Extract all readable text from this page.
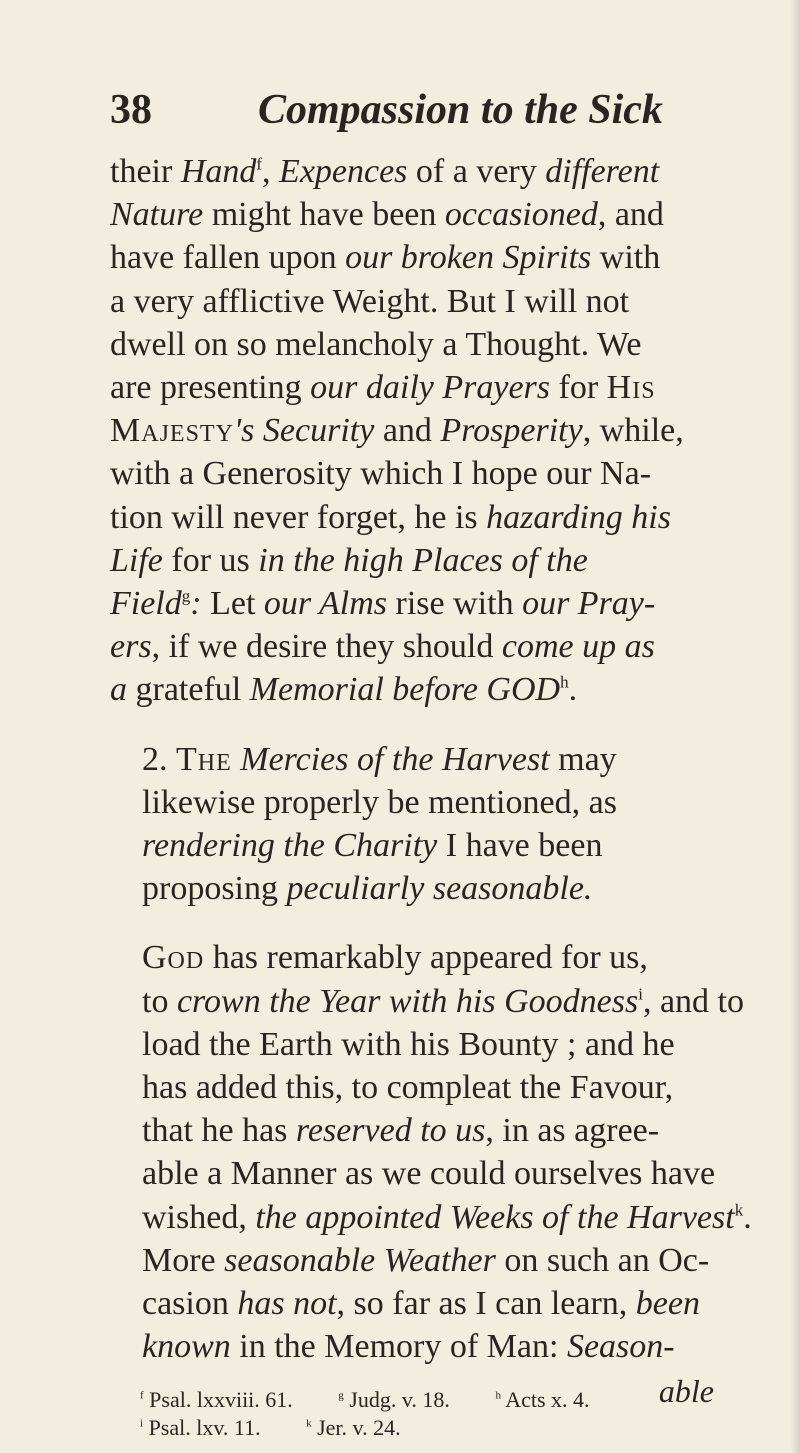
38	Compassion to the Sick

their Hand$^f$, Expences of a very different
Nature might have been occasioned, and
have fallen upon our broken Spirits with
a very afflictive Weight. But I will not
dwell on so melancholy a Thought. We
are presenting our daily Prayers for His
Majesty's Security and Prosperity, while,
with a Generosity which I hope our Na-
tion will never forget, he is hazarding his
Life for us in the high Places of the
Field$^g$: Let our Alms rise with our Pray-
ers, if we desire they should come up as
a grateful Memorial before GOD$^h$.

2. The Mercies of the Harvest may
likewise properly be mentioned, as
rendering the Charity I have been
proposing peculiarly seasonable.

God has remarkably appeared for us,
to crown the Year with his Goodness$^i$, and to
load the Earth with his Bounty ; and he
has added this, to compleat the Favour,
that he has reserved to us, in as agree-
able a Manner as we could ourselves have
wished, the appointed Weeks of the Harvest$^k$.
More seasonable Weather on such an Oc-
casion has not, so far as I can learn, been
known in the Memory of Man: Season-

able
$^f$ Psal. lxxviii. 61.	$^g$ Judg. v. 18.	$^h$ Acts x. 4.
$^i$ Psal. lxv. 11.	$^k$ Jer. v. 24.
